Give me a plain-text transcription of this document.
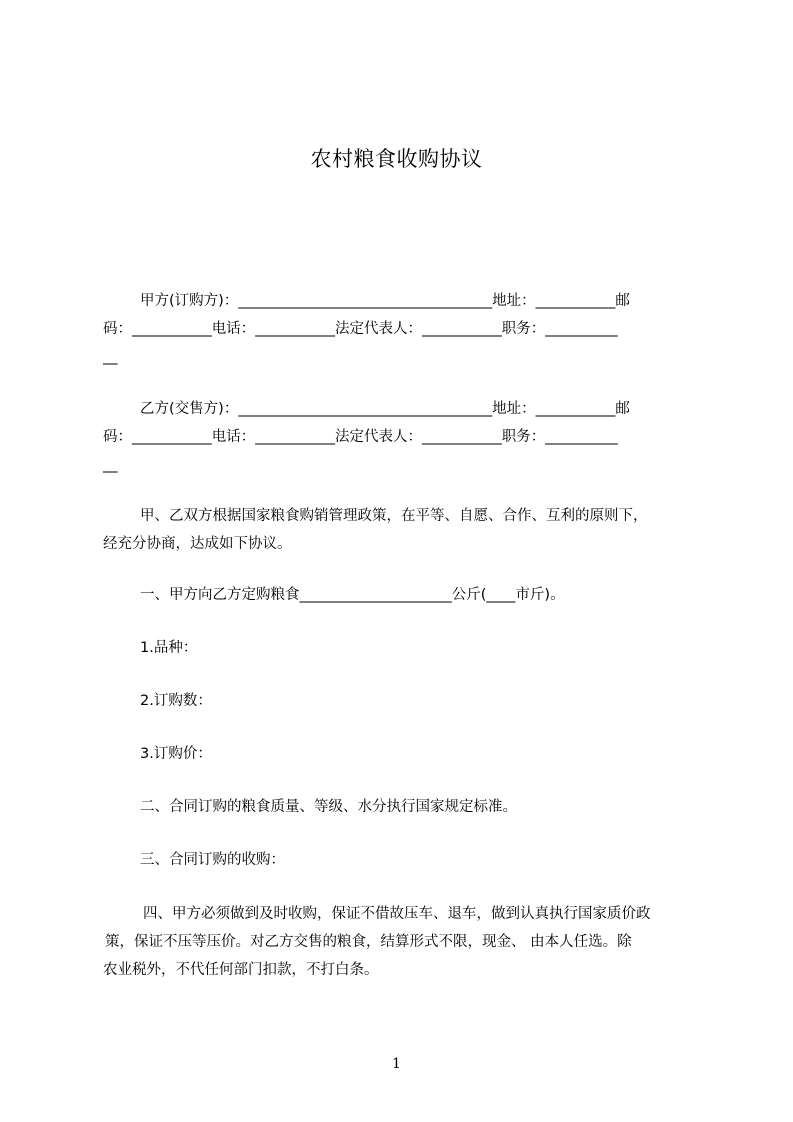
农村粮食收购协议
甲方(订购方)：___________________________________地址：___________邮
码：___________电话：___________法定代表人：___________职务：__________
__
乙方(交售方)：___________________________________地址：___________邮
码：___________电话：___________法定代表人：___________职务：__________
__
甲、乙双方根据国家粮食购销管理政策，在平等、自愿、合作、互利的原则下，
经充分协商，达成如下协议。
一、甲方向乙方定购粮食_____________________公斤(____市斤)。
1.品种：
2.订购数：
3.订购价：
二、合同订购的粮食质量、等级、水分执行国家规定标准。
三、合同订购的收购：
四、甲方必须做到及时收购，保证不借故压车、退车，做到认真执行国家质价政
策，保证不压等压价。对乙方交售的粮食，结算形式不限，现金、 由本人任选。除
农业税外，不代任何部门扣款，不打白条。
1
